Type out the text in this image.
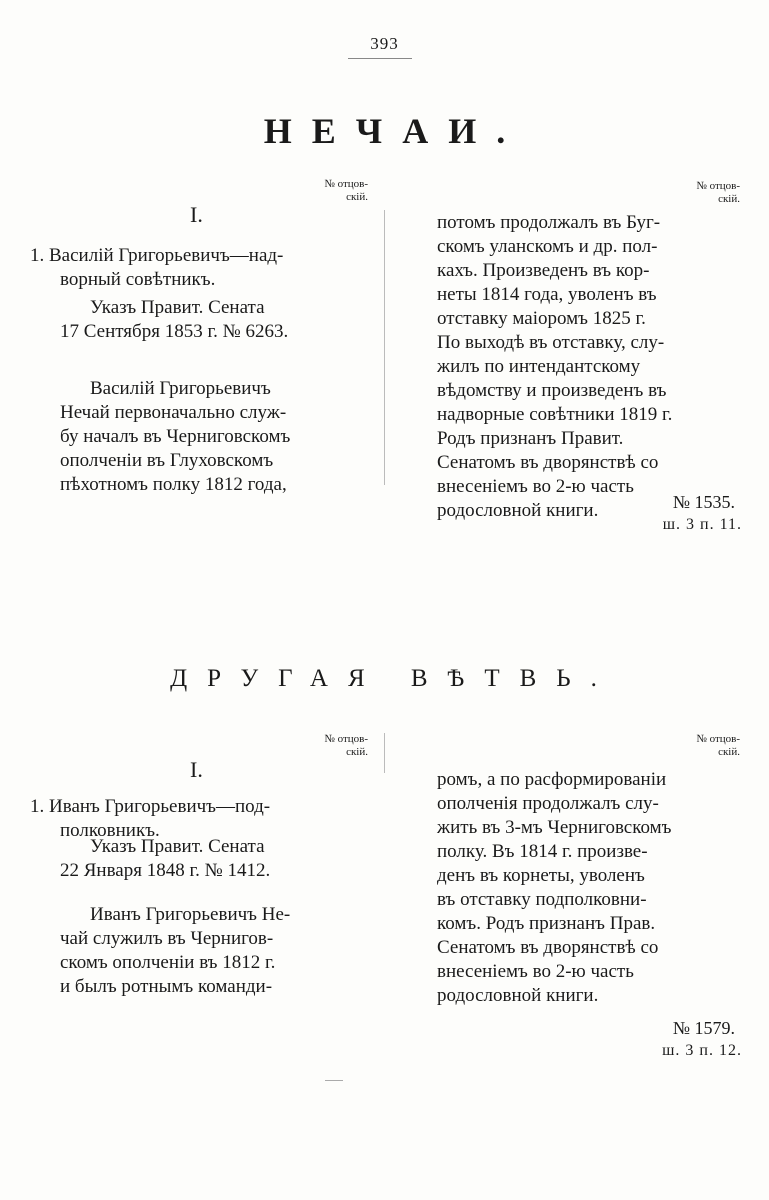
393
НЕЧАИ.
№ отцов-
скій.
№ отцов-
скій.
I.
1. Василій Григорьевичъ—над-
ворный совѣтникъ.
Указъ Правит. Сената
17 Сентября 1853 г. № 6263.
Василій Григорьевичъ
Нечай первоначально служ-
бу началъ въ Черниговскомъ
ополченіи въ Глуховскомъ
пѣхотномъ полку 1812 года,
потомъ продолжалъ въ Буг-
скомъ уланскомъ и др. пол-
кахъ. Произведенъ въ кор-
неты 1814 года, уволенъ въ
отставку маіоромъ 1825 г.
По выходѣ въ отставку, слу-
жилъ по интендантскому
вѣдомству и произведенъ въ
надворные совѣтники 1819 г.
Родъ признанъ Правит.
Сенатомъ въ дворянствѣ со
внесеніемъ во 2-ю часть
родословной книги.	№ 1535.
ш. 3 п. 11.
ДРУГАЯ ВѢТВЬ.
№ отцов-
скій.
№ отцов-
скій.
I.
1. Иванъ Григорьевичъ—под-
полковникъ.
Указъ Правит. Сената
22 Января 1848 г. № 1412.
Иванъ Григорьевичъ Не-
чай служилъ въ Чернигов-
скомъ ополченіи въ 1812 г.
и былъ ротнымъ команди-
ромъ, а по расформированіи
ополченія продолжалъ слу-
жить въ 3-мъ Черниговскомъ
полку. Въ 1814 г. произве-
денъ въ корнеты, уволенъ
въ отставку подполковни-
комъ. Родъ признанъ Прав.
Сенатомъ въ дворянствѣ со
внесеніемъ во 2-ю часть
родословной книги.
№ 1579.
ш. 3 п. 12.
